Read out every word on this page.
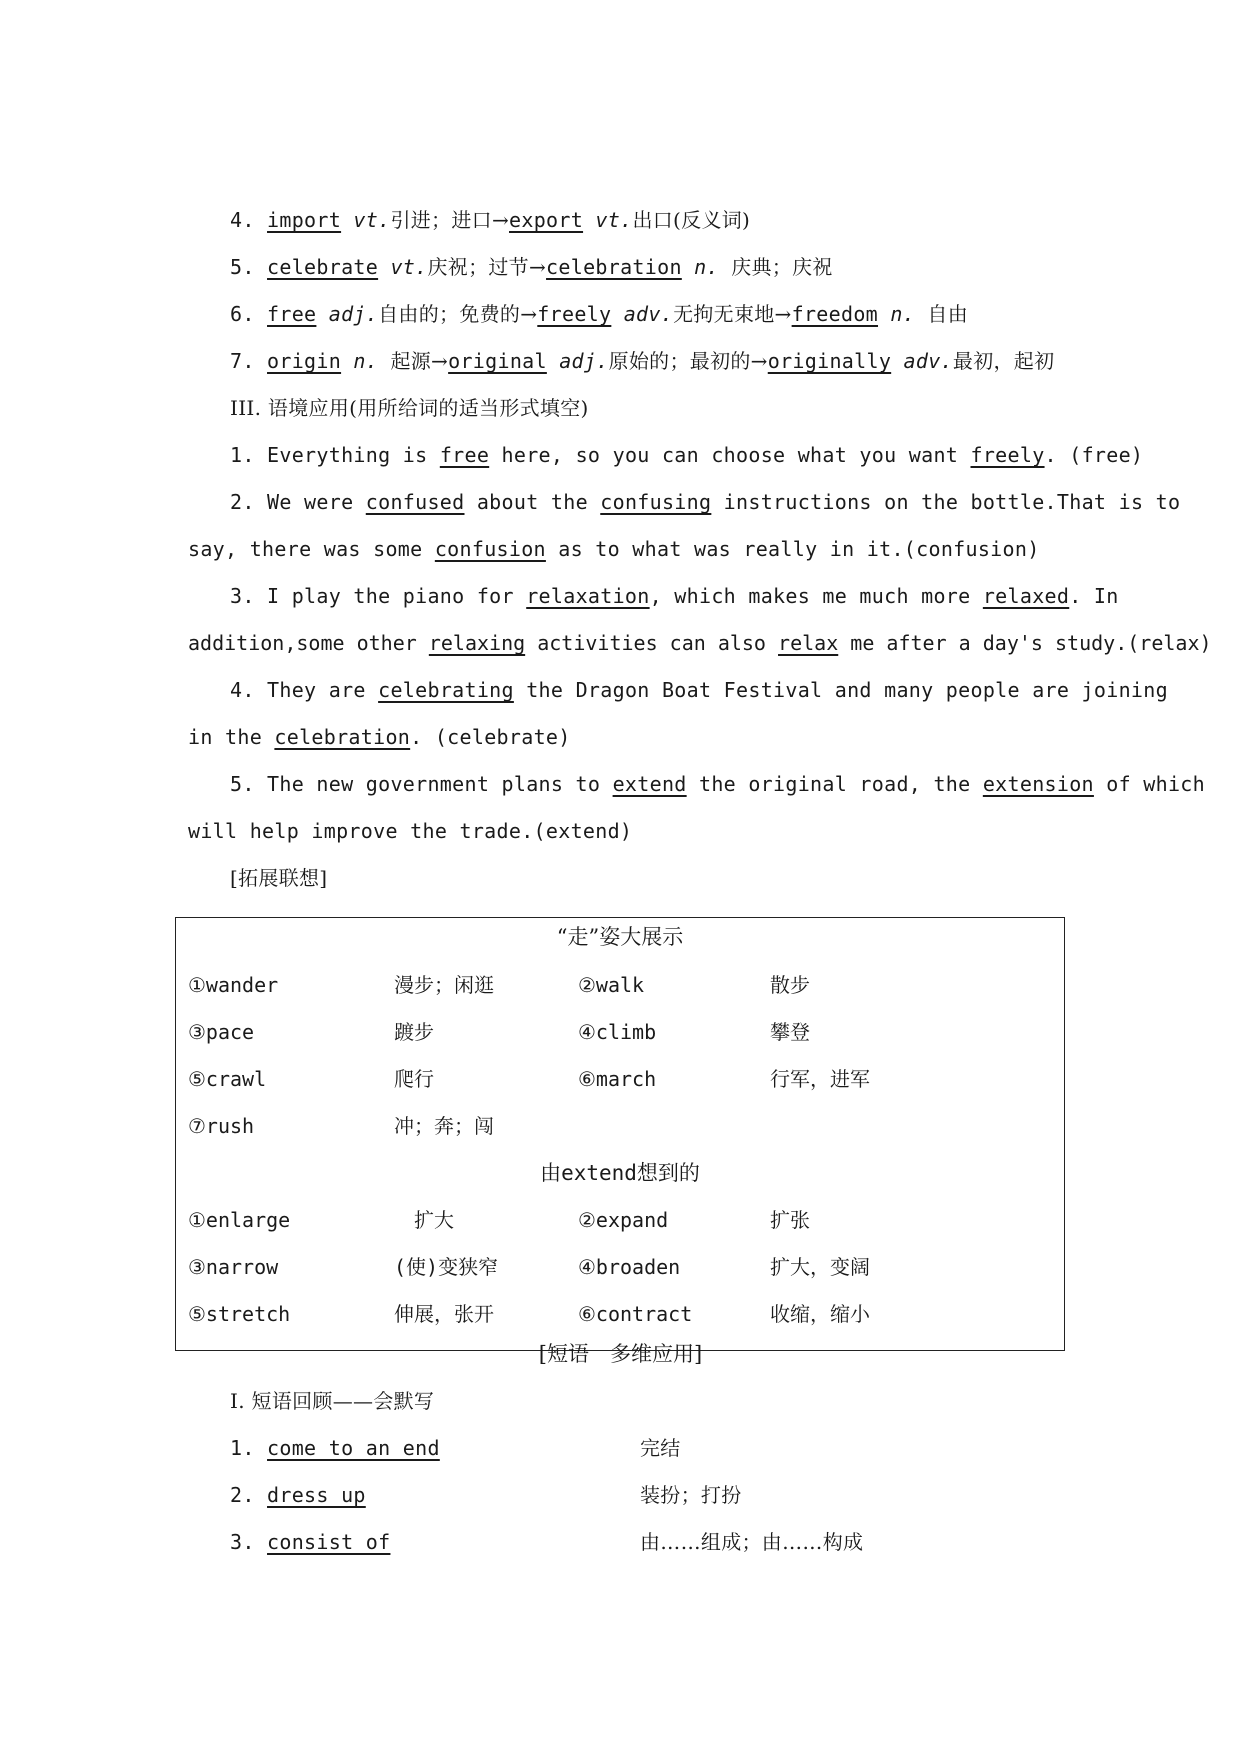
4. import vt.引进；进口→export vt.出口(反义词)
5. celebrate vt.庆祝；过节→celebration n. 庆典；庆祝
6. free adj.自由的；免费的→freely adv.无拘无束地→freedom n. 自由
7. origin n. 起源→original adj.原始的；最初的→originally adv.最初，起初
III. 语境应用(用所给词的适当形式填空)
1. Everything is free here, so you can choose what you want freely. (free)
2. We were confused about the confusing instructions on the bottle.That is to
say, there was some confusion as to what was really in it.(confusion)
3. I play the piano for relaxation, which makes me much more relaxed. In
addition,some other relaxing activities can also relax me after a day's study.(relax)
4. They are celebrating the Dragon Boat Festival and many people are joining
in the celebration. (celebrate)
5. The new government plans to extend the original road, the extension of which
will help improve the trade.(extend)
[拓展联想]
“走”姿大展示
①wander	漫步；闲逛	②walk	散步
③pace	踱步	④climb	攀登
⑤crawl	爬行	⑥march	行军，进军
⑦rush	冲；奔；闯
由extend想到的
①enlarge	扩大	②expand	扩张
③narrow	(使)变狭窄	④broaden	扩大，变阔
⑤stretch	伸展，张开	⑥contract	收缩，缩小
[短语　多维应用]
Ⅰ. 短语回顾——会默写
1. come to an end	完结
2. dress up	装扮；打扮
3. consist of	由……组成；由……构成
